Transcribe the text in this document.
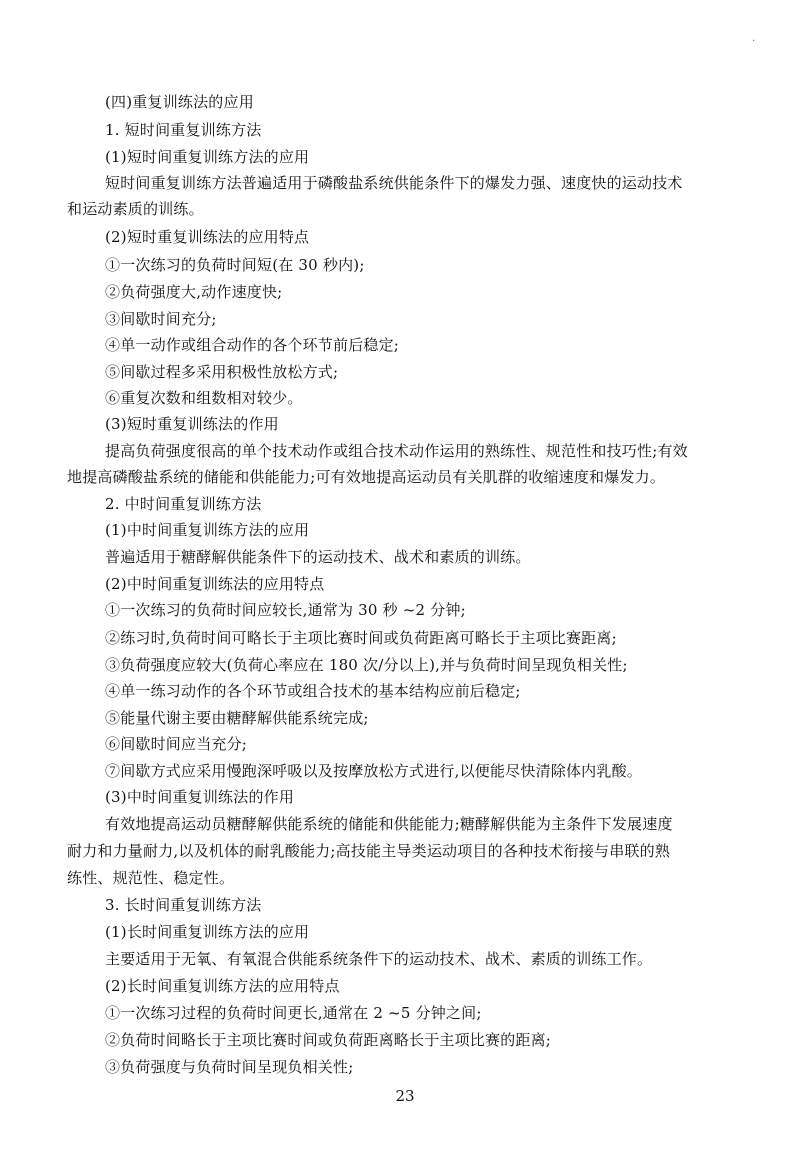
·
(四)重复训练法的应用
1. 短时间重复训练方法
(1)短时间重复训练方法的应用
短时间重复训练方法普遍适用于磷酸盐系统供能条件下的爆发力强、速度快的运动技术
和运动素质的训练。
(2)短时重复训练法的应用特点
①一次练习的负荷时间短(在 30 秒内);
②负荷强度大,动作速度快;
③间歇时间充分;
④单一动作或组合动作的各个环节前后稳定;
⑤间歇过程多采用积极性放松方式;
⑥重复次数和组数相对较少。
(3)短时重复训练法的作用
提高负荷强度很高的单个技术动作或组合技术动作运用的熟练性、规范性和技巧性;有效
地提高磷酸盐系统的储能和供能能力;可有效地提高运动员有关肌群的收缩速度和爆发力。
2. 中时间重复训练方法
(1)中时间重复训练方法的应用
普遍适用于糖酵解供能条件下的运动技术、战术和素质的训练。
(2)中时间重复训练法的应用特点
①一次练习的负荷时间应较长,通常为 30 秒 ~2 分钟;
②练习时,负荷时间可略长于主项比赛时间或负荷距离可略长于主项比赛距离;
③负荷强度应较大(负荷心率应在 180 次/分以上),并与负荷时间呈现负相关性;
④单一练习动作的各个环节或组合技术的基本结构应前后稳定;
⑤能量代谢主要由糖酵解供能系统完成;
⑥间歇时间应当充分;
⑦间歇方式应采用慢跑深呼吸以及按摩放松方式进行,以便能尽快清除体内乳酸。
(3)中时间重复训练法的作用
有效地提高运动员糖酵解供能系统的储能和供能能力;糖酵解供能为主条件下发展速度
耐力和力量耐力,以及机体的耐乳酸能力;高技能主导类运动项目的各种技术衔接与串联的熟
练性、规范性、稳定性。
3. 长时间重复训练方法
(1)长时间重复训练方法的应用
主要适用于无氧、有氧混合供能系统条件下的运动技术、战术、素质的训练工作。
(2)长时间重复训练方法的应用特点
①一次练习过程的负荷时间更长,通常在 2 ~5 分钟之间;
②负荷时间略长于主项比赛时间或负荷距离略长于主项比赛的距离;
③负荷强度与负荷时间呈现负相关性;
23
